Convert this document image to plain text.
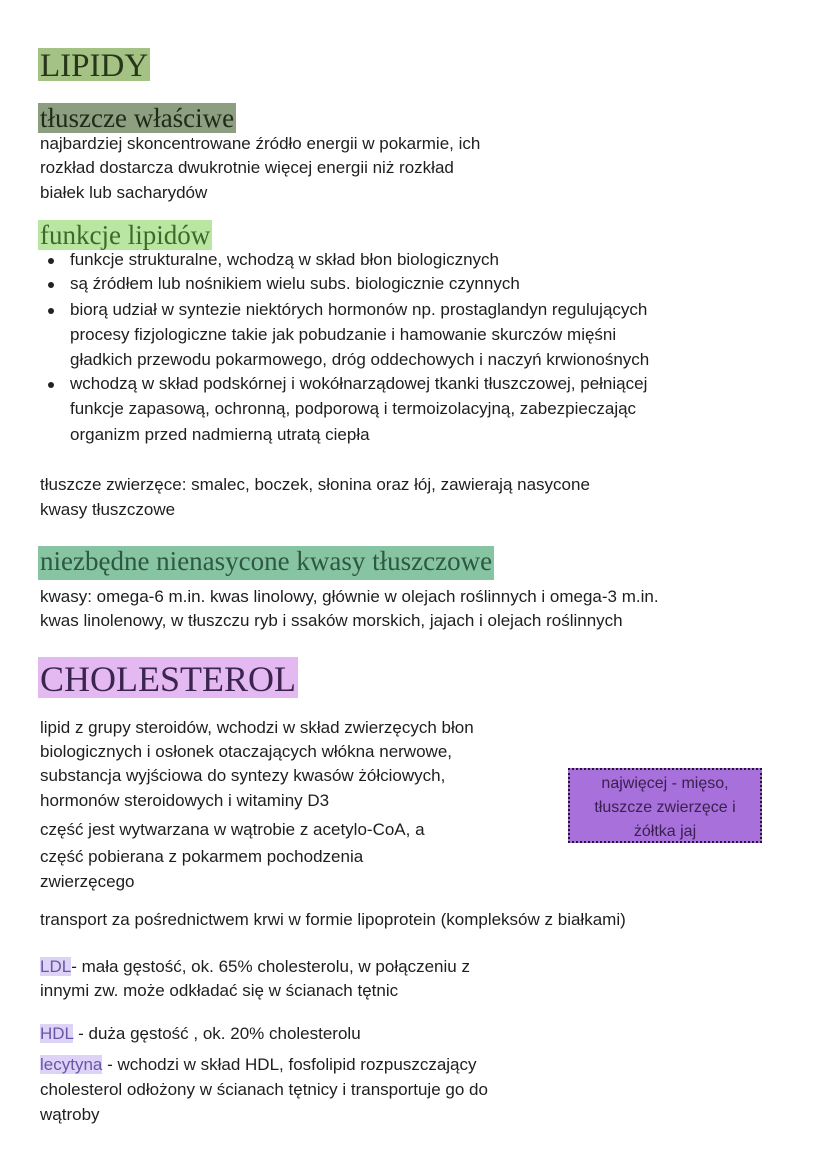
LIPIDY
tłuszcze właściwe
najbardziej skoncentrowane źródło energii w pokarmie, ich
rozkład dostarcza dwukrotnie więcej energii niż rozkład
białek lub sacharydów
funkcje lipidów
funkcje strukturalne, wchodzą w skład błon biologicznych
są źródłem lub nośnikiem wielu subs. biologicznie czynnych
biorą udział w syntezie niektórych hormonów np. prostaglandyn regulujących
procesy fizjologiczne takie jak pobudzanie i hamowanie skurczów mięśni
gładkich przewodu pokarmowego, dróg oddechowych i naczyń krwionośnych
wchodzą w skład podskórnej i wokółnarządowej tkanki tłuszczowej, pełniącej
funkcje zapasową, ochronną, podporową i termoizolacyjną, zabezpieczając
organizm przed nadmierną utratą ciepła
tłuszcze zwierzęce: smalec, boczek, słonina oraz łój, zawierają nasycone
kwasy tłuszczowe
niezbędne nienasycone kwasy tłuszczowe
kwasy: omega-6 m.in. kwas linolowy, głównie w olejach roślinnych i omega-3 m.in.
kwas linolenowy, w tłuszczu ryb i ssaków morskich, jajach i olejach roślinnych
CHOLESTEROL
lipid z grupy steroidów, wchodzi w skład zwierzęcych błon
biologicznych i osłonek otaczających włókna nerwowe,
substancja wyjściowa do syntezy kwasów żółciowych,
hormonów steroidowych i witaminy D3
część jest wytwarzana w wątrobie z acetylo-CoA, a
część pobierana z pokarmem pochodzenia
zwierzęcego
najwięcej - mięso,
tłuszcze zwierzęce i
żółtka jaj
transport za pośrednictwem krwi w formie lipoprotein (kompleksów z białkami)
LDL- mała gęstość, ok. 65% cholesterolu, w połączeniu z
innymi zw. może odkładać się w ścianach tętnic
HDL - duża gęstość , ok. 20% cholesterolu
lecytyna - wchodzi w skład HDL, fosfolipid rozpuszczający
cholesterol odłożony w ścianach tętnicy i transportuje go do
wątroby
